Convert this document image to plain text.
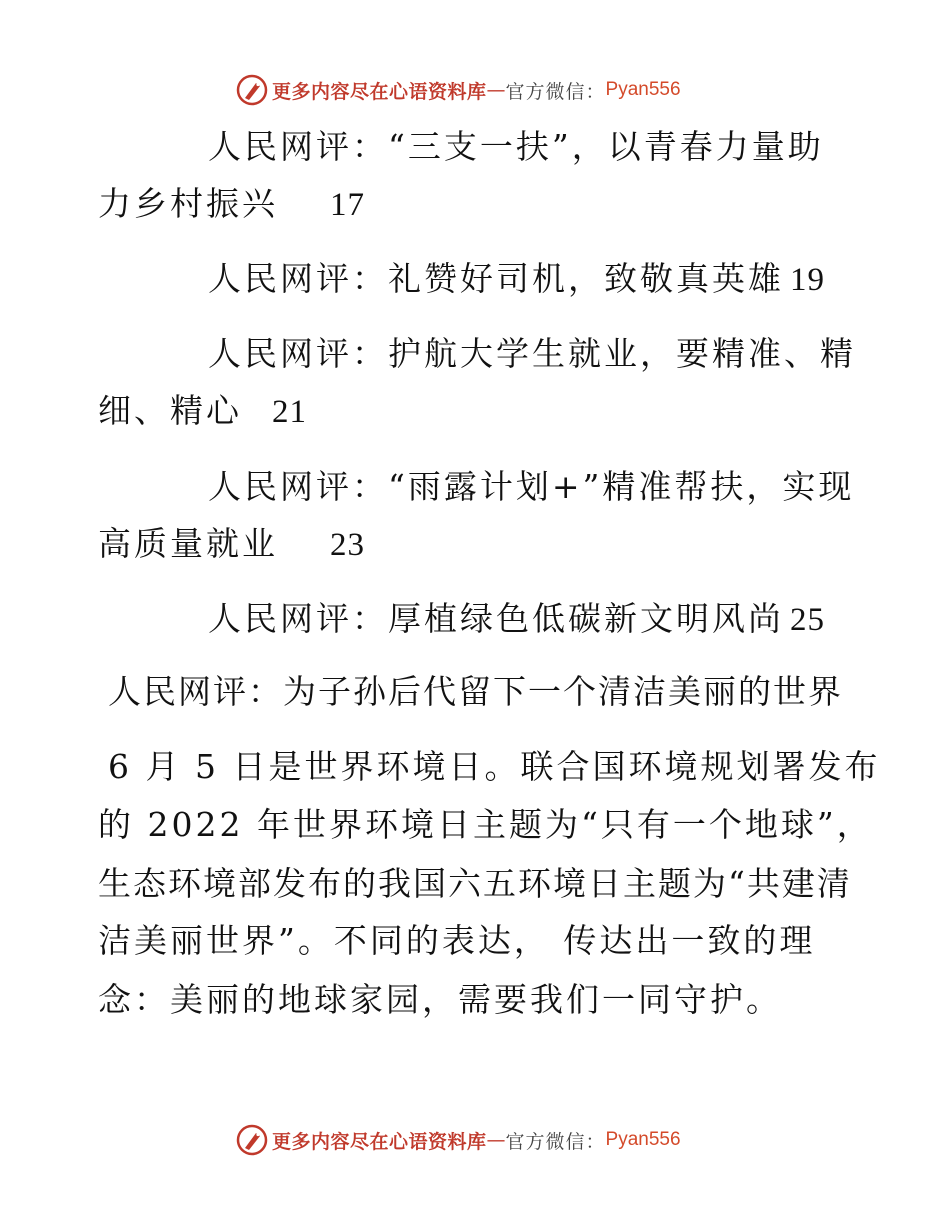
更多内容尽在心语资料库 — 官方微信： Pyan556
人民网评：“三支一扶”，以青春力量助
力乡村振兴 17
人民网评：礼赞好司机，致敬真英雄 19
人民网评：护航大学生就业，要精准、精
细、精心 21
人民网评：“雨露计划+”精准帮扶，实现
高质量就业 23
人民网评：厚植绿色低碳新文明风尚 25
人民网评：为子孙后代留下一个清洁美丽的世界
6 月 5 日是世界环境日。联合国环境规划署发布
的 2022 年世界环境日主题为“只有一个地球”，
生态环境部发布的我国六五环境日主题为“共建清
洁美丽世界”。不同的表达， 传达出一致的理
念：美丽的地球家园，需要我们一同守护。
更多内容尽在心语资料库 — 官方微信： Pyan556
